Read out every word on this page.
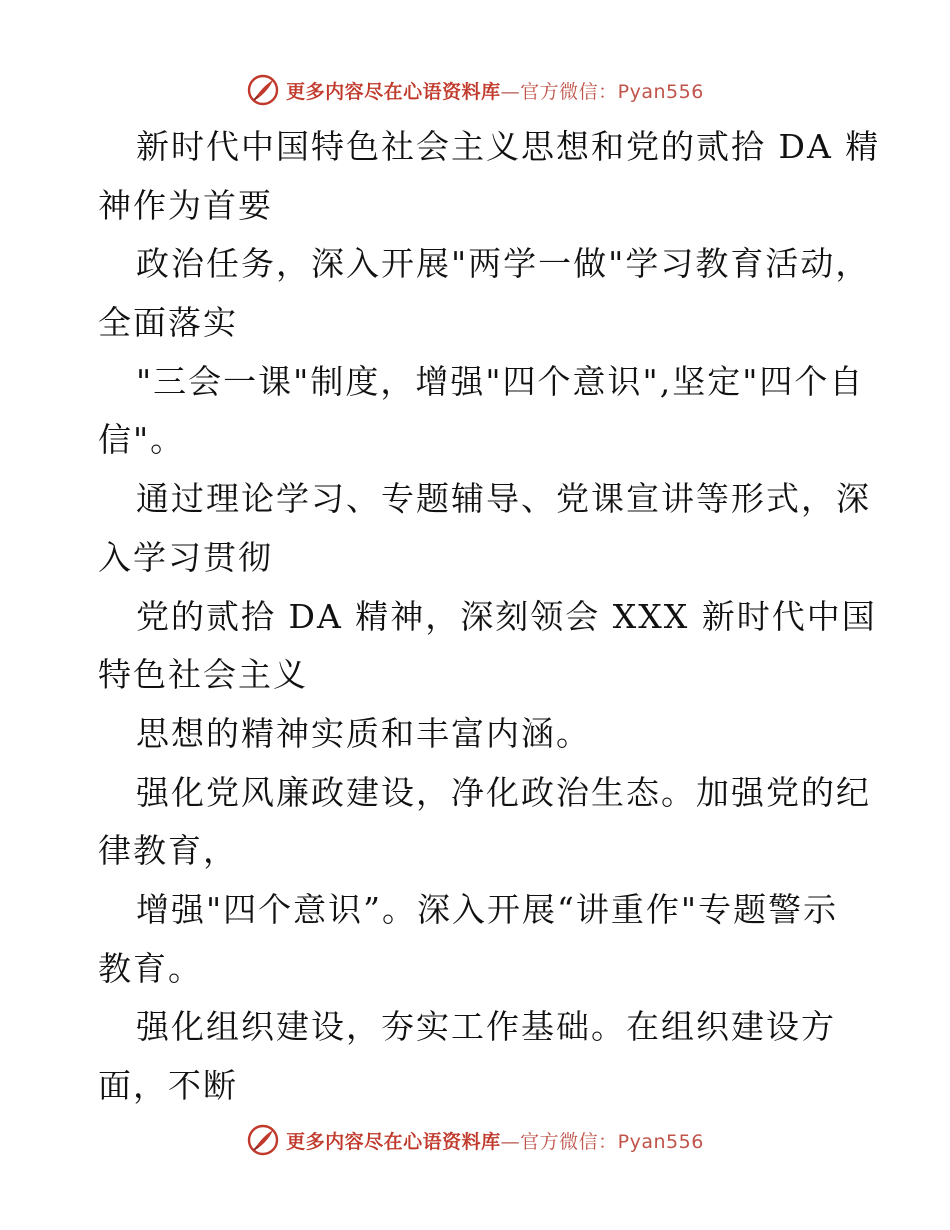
更多内容尽在心语资料库—官方微信：Pyan556
新时代中国特色社会主义思想和党的贰拾 DA 精
神作为首要
政治任务，深入开展"两学一做"学习教育活动，
全面落实
"三会一课"制度，增强"四个意识",坚定"四个自
信"。
通过理论学习、专题辅导、党课宣讲等形式，深
入学习贯彻
党的贰拾 DA 精神，深刻领会 XXX 新时代中国
特色社会主义
思想的精神实质和丰富内涵。
强化党风廉政建设，净化政治生态。加强党的纪
律教育，
增强"四个意识”。深入开展“讲重作"专题警示
教育。
强化组织建设，夯实工作基础。在组织建设方
面，不断
更多内容尽在心语资料库—官方微信：Pyan556
